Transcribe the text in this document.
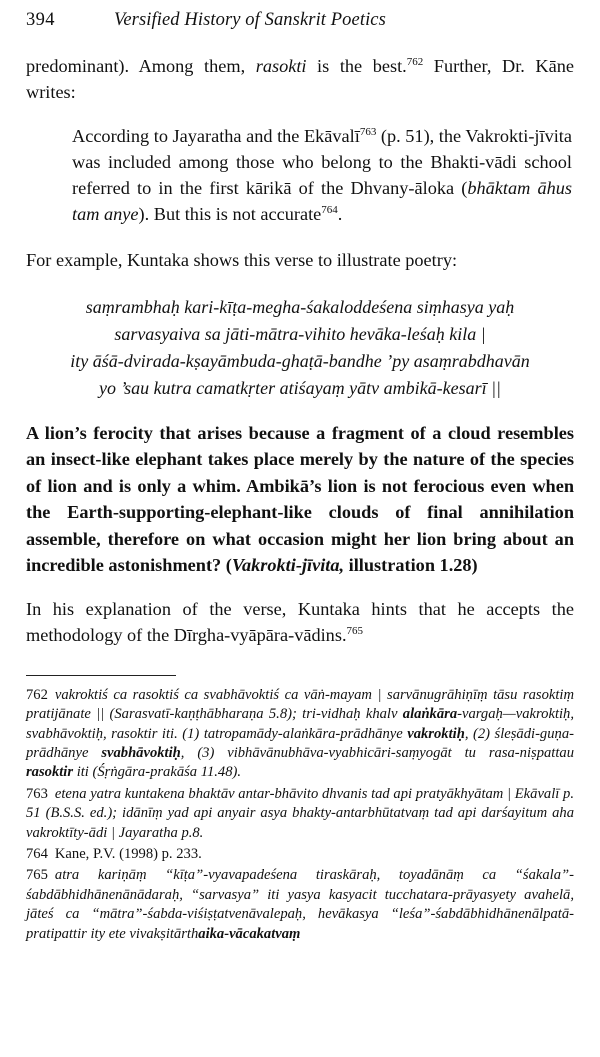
394	Versified History of Sanskrit Poetics

predominant). Among them, rasokti is the best.$^{762}$ Further, Dr. Kāne writes:

According to Jayaratha and the Ekāvalī$^{763}$ (p. 51), the Vakrokti-jīvita was included among those who belong to the Bhakti-vādi school referred to in the first kārikā of the Dhvany-āloka (bhāktam āhus tam anye). But this is not accurate$^{764}$.

For example, Kuntaka shows this verse to illustrate poetry:

saṃrambhaḥ kari-kīṭa-megha-śakaloddeśena siṃhasya yaḥ
sarvasyaiva sa jāti-mātra-vihito hevāka-leśaḥ kila |
ity āśā-dvirada-kṣayāmbuda-ghaṭā-bandhe ’py asaṃrabdhavān
yo ’sau kutra camatkṛter atiśayaṃ yātv ambikā-kesarī ||
A lion’s ferocity that arises because a fragment of a cloud resembles an insect-like elephant takes place merely by the nature of the species of lion and is only a whim. Ambikā’s lion is not ferocious even when the Earth-supporting-elephant-like clouds of final annihilation assemble, therefore on what occasion might her lion bring about an incredible astonishment? (Vakrokti-jīvita, illustration 1.28)

In his explanation of the verse, Kuntaka hints that he accepts the methodology of the Dīrgha-vyāpāra-vādins.$^{765}$

762 vakroktiś ca rasoktiś ca svabhāvoktiś ca vāṅ-mayam | sarvānugrāhiṇīṃ tāsu rasoktiṃ pratijānate || (Sarasvatī-kaṇṭhābharaṇa 5.8); tri-vidhaḥ khalv alaṅkāra-vargaḥ—vakroktiḥ, svabhāvoktiḥ, rasoktir iti. (1) tatropamādy-alaṅkāra-prādhānye vakroktiḥ, (2) śleṣādi-guṇa-prādhānye svabhāvoktiḥ, (3) vibhāvānubhāva-vyabhicāri-saṃyogāt tu rasa-niṣpattau rasoktir iti (Śṛṅgāra-prakāśa 11.48).
763 etena yatra kuntakena bhaktāv antar-bhāvito dhvanis tad api pratyākhyātam | Ekāvalī p. 51 (B.S.S. ed.); idānīṃ yad api anyair asya bhakty-antarbhūtatvaṃ tad api darśayitum aha vakroktīty-ādi | Jayaratha p.8.
764 Kane, P.V. (1998) p. 233.
765 atra kariṇāṃ “kīṭa”-vyavapadeśena tiraskāraḥ, toyadānāṃ ca “śakala”-śabdābhidhānenānādaraḥ, “sarvasya” iti yasya kasyacit tucchatara-prāyasyety avahelā, jāteś ca “mātra”-śabda-viśiṣṭatvenāvalepaḥ, hevākasya “leśa”-śabdābhidhānenālpatā-pratipattir ity ete vivakṣitārthaika-vācakatvaṃ
